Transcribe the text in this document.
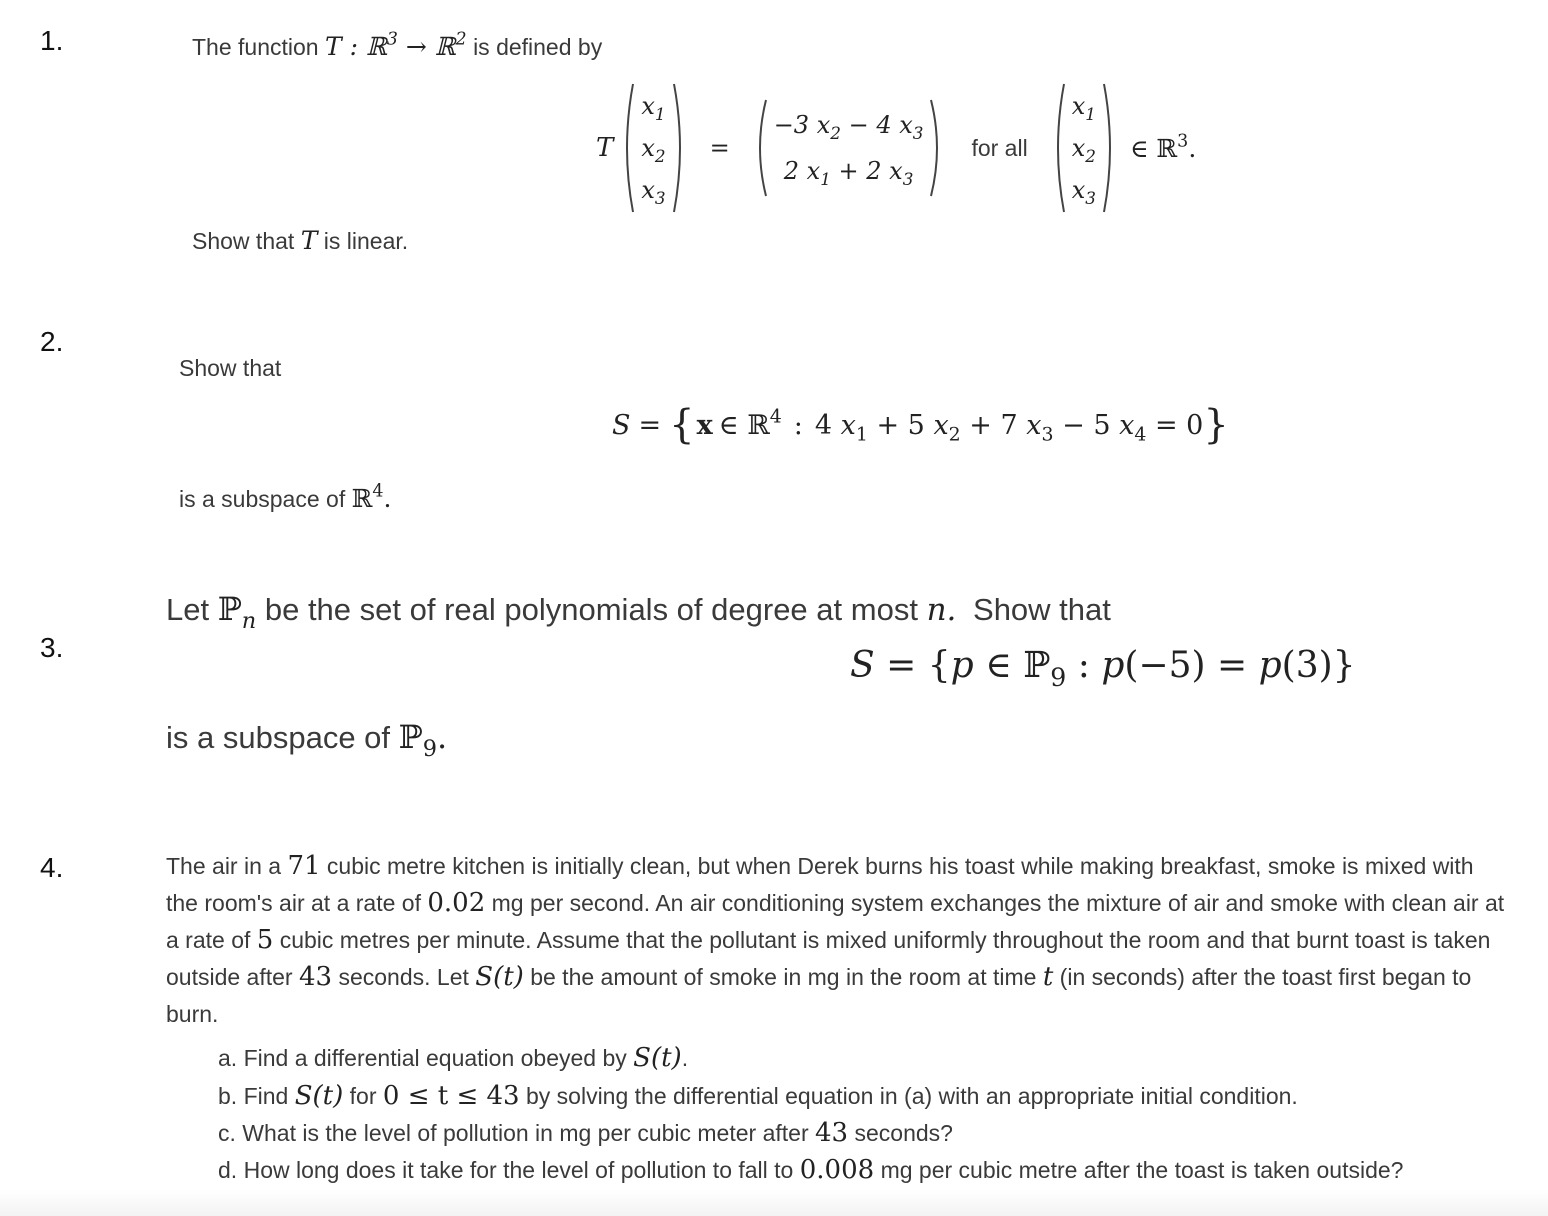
1.	The function T : ℝ$^3$ → ℝ$^2$ is defined by
T
$x_1$
$x_2$
$x_3$
=
−3 $x_2 - 4$ $x_3$
2 $x_1 + 2$ $x_3$
for all
$x_1$
$x_2$
$x_3$
∈ ℝ$^3$.
Show that T is linear.
2.
Show that
S = { x ∈ ℝ$^4$ : 4 $x_1 + 5$ $x_2 + 7$ $x_3 - 5$ $x_4 = 0$ }
is a subspace of ℝ$^4$.
3.
Let ℙ$_n$ be the set of real polynomials of degree at most n. Show that
S = {p ∈ ℙ$_9$ : p(−5) = p(3)}
is a subspace of ℙ$_9$.
4.	The air in a 71 cubic metre kitchen is initially clean, but when Derek burns his toast while making breakfast, smoke is mixed with the room's air at a rate of 0.02 mg per second. An air conditioning system exchanges the mixture of air and smoke with clean air at a rate of 5 cubic metres per minute. Assume that the pollutant is mixed uniformly throughout the room and that burnt toast is taken outside after 43 seconds. Let S(t) be the amount of smoke in mg in the room at time t (in seconds) after the toast first began to burn.
a. Find a differential equation obeyed by S(t).
b. Find S(t) for 0 ≤ t ≤ 43 by solving the differential equation in (a) with an appropriate initial condition.
c. What is the level of pollution in mg per cubic meter after 43 seconds?
d. How long does it take for the level of pollution to fall to 0.008 mg per cubic metre after the toast is taken outside?
